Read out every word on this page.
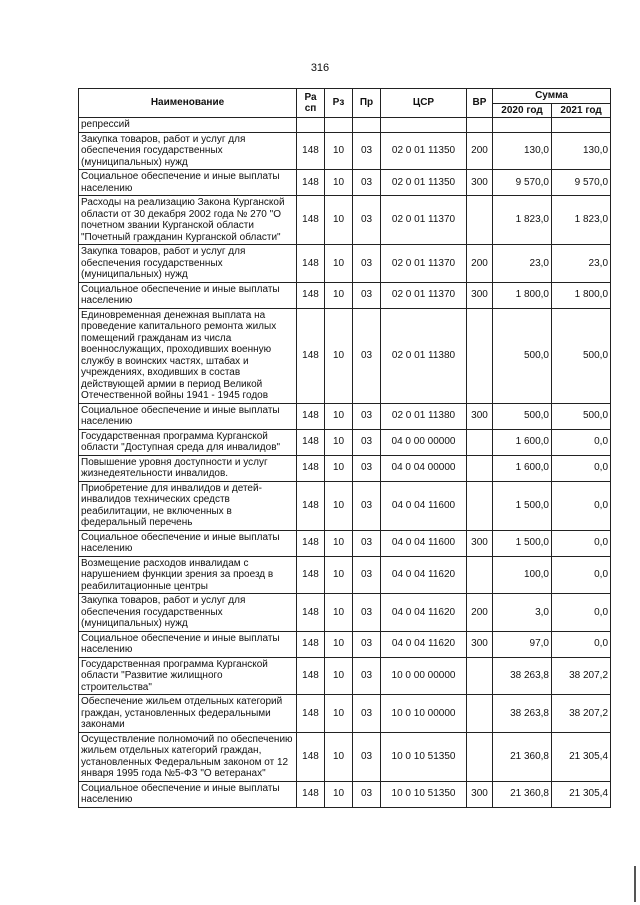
316
Наименование	Ра сп	Рз	Пр	ЦСР	ВР	Сумма	
						2020 год	2021 год
репрессий							
Закупка товаров, работ и услуг для обеспечения государственных (муниципальных) нужд	148	10	03	02 0 01 11350	200	130,0	130,0
Социальное обеспечение и иные выплаты населению	148	10	03	02 0 01 11350	300	9 570,0	9 570,0
Расходы на реализацию Закона Курганской области от 30 декабря 2002 года № 270 "О почетном звании Курганской области "Почетный гражданин Курганской области"	148	10	03	02 0 01 11370		1 823,0	1 823,0
Закупка товаров, работ и услуг для обеспечения государственных (муниципальных) нужд	148	10	03	02 0 01 11370	200	23,0	23,0
Социальное обеспечение и иные выплаты населению	148	10	03	02 0 01 11370	300	1 800,0	1 800,0
Единовременная денежная выплата на проведение капитального ремонта жилых помещений гражданам из числа военнослужащих, проходивших военную службу в воинских частях, штабах и учреждениях, входивших в состав действующей армии в период Великой Отечественной войны 1941 - 1945 годов	148	10	03	02 0 01 11380		500,0	500,0
Социальное обеспечение и иные выплаты населению	148	10	03	02 0 01 11380	300	500,0	500,0
Государственная программа Курганской области "Доступная среда для инвалидов"	148	10	03	04 0 00 00000		1 600,0	0,0
Повышение уровня доступности и услуг жизнедеятельности инвалидов.	148	10	03	04 0 04 00000		1 600,0	0,0
Приобретение для инвалидов и детей-инвалидов технических средств реабилитации, не включенных в федеральный перечень	148	10	03	04 0 04 11600		1 500,0	0,0
Социальное обеспечение и иные выплаты населению	148	10	03	04 0 04 11600	300	1 500,0	0,0
Возмещение расходов инвалидам с нарушением функции зрения за проезд в реабилитационные центры	148	10	03	04 0 04 11620		100,0	0,0
Закупка товаров, работ и услуг для обеспечения государственных (муниципальных) нужд	148	10	03	04 0 04 11620	200	3,0	0,0
Социальное обеспечение и иные выплаты населению	148	10	03	04 0 04 11620	300	97,0	0,0
Государственная программа Курганской области "Развитие жилищного строительства"	148	10	03	10 0 00 00000		38 263,8	38 207,2
Обеспечение жильем отдельных категорий граждан, установленных федеральными законами	148	10	03	10 0 10 00000		38 263,8	38 207,2
Осуществление полномочий по обеспечению жильем отдельных категорий граждан, установленных Федеральным законом от 12 января 1995 года №5-ФЗ "О ветеранах"	148	10	03	10 0 10 51350		21 360,8	21 305,4
Социальное обеспечение и иные выплаты населению	148	10	03	10 0 10 51350	300	21 360,8	21 305,4
